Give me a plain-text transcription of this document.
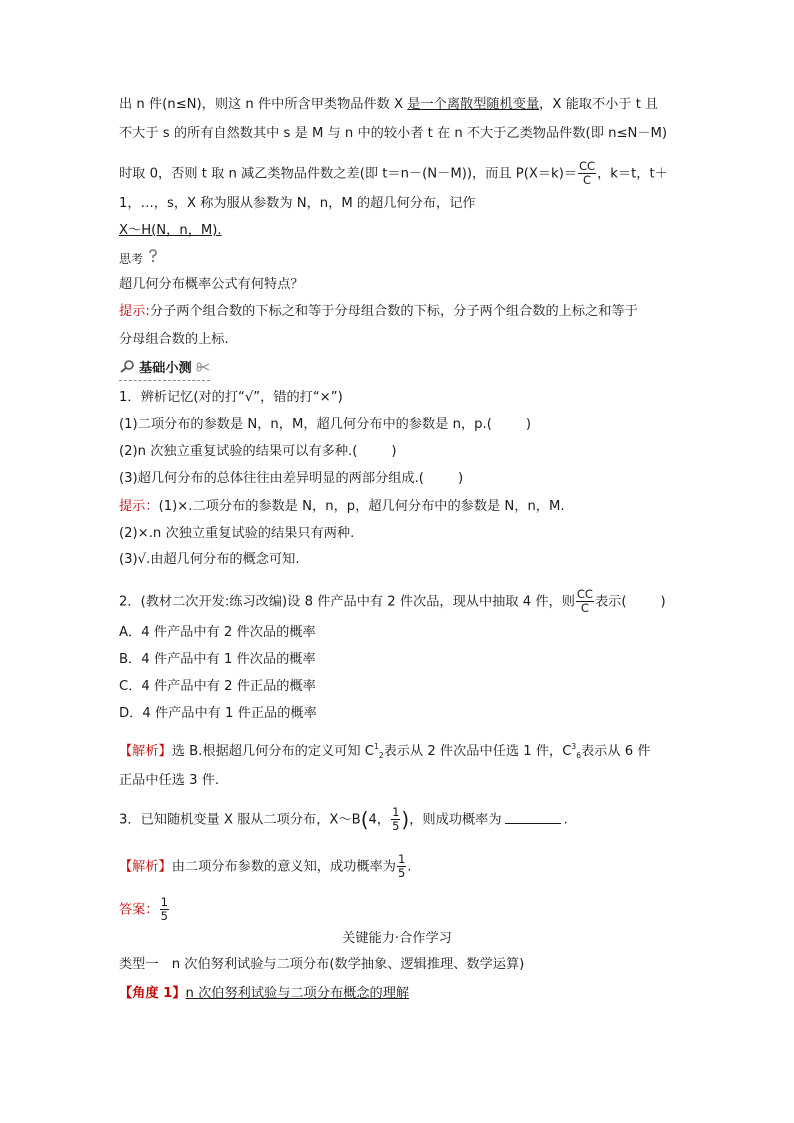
出 n 件(n≤N)，则这 n 件中所含甲类物品件数 X 是一个离散型随机变量，X 能取不小于 t 且
不大于 s 的所有自然数其中 s 是 M 与 n 中的较小者 t 在 n 不大于乙类物品件数(即 n≤N－M)
时取 0，否则 t 取 n 减乙类物品件数之差(即 t＝n－(N－M))，而且 $P(X=k)= \frac{CC}{C}$ ，k＝t，t＋
1，…，s，X 称为服从参数为 N，n，M 的超几何分布，记作
X～H(N，n，M).
思考
超几何分布概率公式有何特点？
提示:分子两个组合数的下标之和等于分母组合数的下标，分子两个组合数的上标之和等于
分母组合数的上标.
基础小测
1．辨析记忆(对的打“√”，错的打“×”)
(1)二项分布的参数是 N，n，M，超几何分布中的参数是 n，p.(	)
(2)n 次独立重复试验的结果可以有多种.(	)
(3)超几何分布的总体往往由差异明显的两部分组成.(	)
提示：(1)×.二项分布的参数是 N，n，p，超几何分布中的参数是 N，n，M.
(2)×.n 次独立重复试验的结果只有两种.
(3)√.由超几何分布的概念可知.
2．(教材二次开发:练习改编)设 8 件产品中有 2 件次品，现从中抽取 4 件，则 $\frac{CC}{C}$ 表示(	)
A．4 件产品中有 2 件次品的概率
B．4 件产品中有 1 件次品的概率
C．4 件产品中有 2 件正品的概率
D．4 件产品中有 1 件正品的概率
【解析】选 B.根据超几何分布的定义可知 $C^1_2$表示从 2 件次品中任选 1 件，$C^3_6$表示从 6 件
正品中任选 3 件.
3．已知随机变量 X 服从二项分布，X～B(4， $\frac{1}{5}$ )，则成功概率为	.
【解析】由二项分布参数的意义知，成功概率为 $\frac{1}{5}$ .
答案： $\frac{1}{5}$
关键能力·合作学习
类型一　n 次伯努利试验与二项分布(数学抽象、逻辑推理、数学运算)
【角度 1】n 次伯努利试验与二项分布概念的理解
